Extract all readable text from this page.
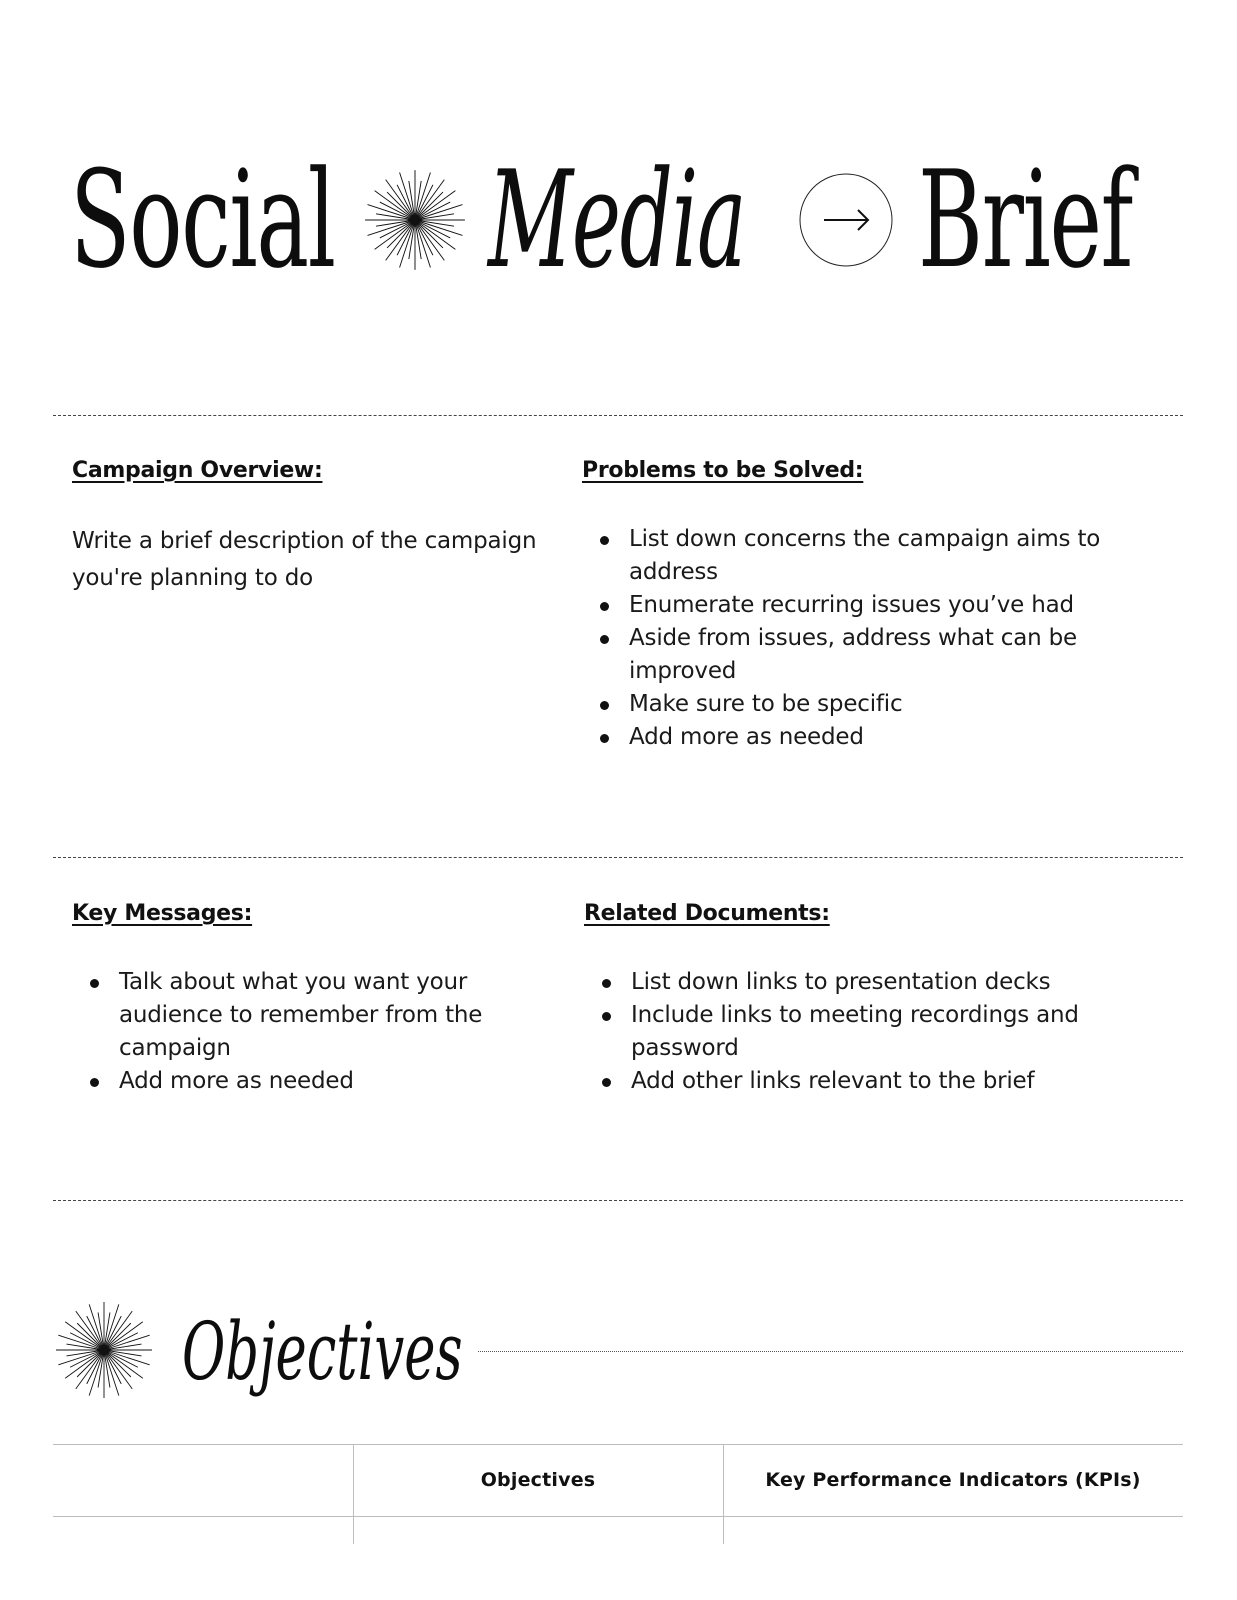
Social Media Brief
Campaign Overview:

Write a brief description of the campaign you're planning to do

Problems to be Solved:
List down concerns the campaign aims to address
Enumerate recurring issues you’ve had
Aside from issues, address what can be improved
Make sure to be specific
Add more as needed
Key Messages:
Talk about what you want your audience to remember from the campaign
Add more as needed
Related Documents:
List down links to presentation decks
Include links to meeting recordings and password
Add other links relevant to the brief
Objectives
Objectives	Key Performance Indicators (KPIs)
